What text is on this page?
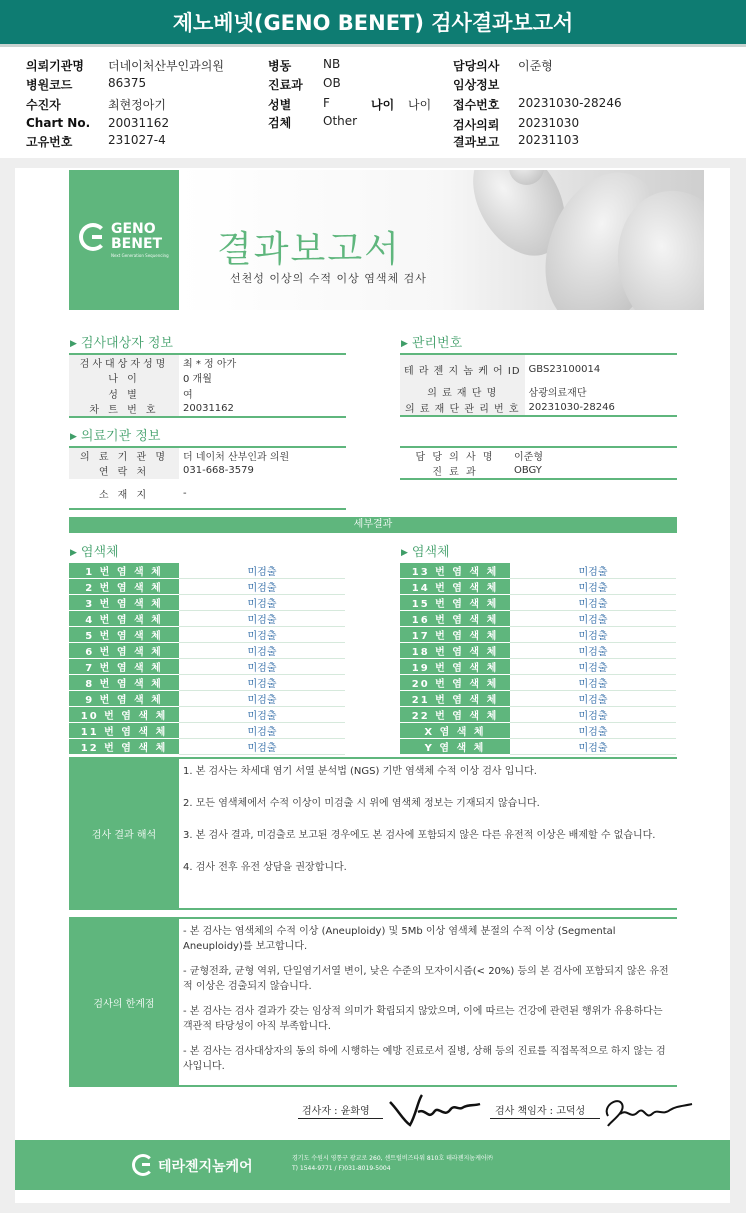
제노베넷(GENO BENET) 검사결과보고서
의뢰기관명 더네이처산부인과의원
병원코드	86375
수진자	최현정아기
Chart No. 20031162
고유번호	231027-4
병동	NB
진료과 OB
성별	F	나이 나이
검체	Other
담당의사 이준형
임상정보
접수번호 20231030-28246
검사의뢰 20231030
결과보고 20231103
GENO
BENET
Next Generation Sequencing 결과보고서
선천성 이상의 수적 이상 염색체 검사
▶ 검사대상자 정보
검사대상자성명	최 * 정 아가
나 이	0 개월
성 별	여
차 트 번 호	20031162
▶ 관리번호
테 라 젠 지 놈 케 어 ID	GBS23100014
의 료 재 단 명	삼광의료재단
의 료 재 단 관 리 번 호	20231030-28246
▶ 의료기관 정보
의 료 기 관 명	더 네이처 산부인과 의원
연 락 처	031-668-3579
소 재 지	-
담 당 의 사 명	이준형
진 료 과	OBGY
세부결과
▶ 염색체	▶ 염색체
1 번 염 색 체	미검출
2 번 염 색 체	미검출
3 번 염 색 체	미검출
4 번 염 색 체	미검출
5 번 염 색 체	미검출
6 번 염 색 체	미검출
7 번 염 색 체	미검출
8 번 염 색 체	미검출
9 번 염 색 체	미검출
10 번 염 색 체	미검출
11 번 염 색 체	미검출
12 번 염 색 체	미검출
13 번 염 색 체	미검출
14 번 염 색 체	미검출
15 번 염 색 체	미검출
16 번 염 색 체	미검출
17 번 염 색 체	미검출
18 번 염 색 체	미검출
19 번 염 색 체	미검출
20 번 염 색 체	미검출
21 번 염 색 체	미검출
22 번 염 색 체	미검출
X 염 색 체	미검출
Y 염 색 체	미검출
검사 결과 해석

1. 본 검사는 차세대 염기 서열 분석법 (NGS) 기반 염색체 수적 이상 검사 입니다.

2. 모든 염색체에서 수적 이상이 미검출 시 위에 염색체 정보는 기재되지 않습니다.

3. 본 검사 결과, 미검출로 보고된 경우에도 본 검사에 포함되지 않은 다른 유전적 이상은 배제할 수 없습니다.

4. 검사 전후 유전 상담을 권장합니다.

검사의 한계점

- 본 검사는 염색체의 수적 이상 (Aneuploidy) 및 5Mb 이상 염색체 분절의 수적 이상 (Segmental Aneuploidy)를 보고합니다.

- 균형전좌, 균형 역위, 단일염기서열 변이, 낮은 수준의 모자이시즘(< 20%) 등의 본 검사에 포함되지 않은 유전적 이상은 검출되지 않습니다.

- 본 검사는 검사 결과가 갖는 임상적 의미가 확립되지 않았으며, 이에 따르는 건강에 관련된 행위가 유용하다는 객관적 타당성이 아직 부족합니다.

- 본 검사는 검사대상자의 동의 하에 시행하는 예방 진료로서 질병, 상해 등의 진료를 직접목적으로 하지 않는 검사입니다.

검사자 : 윤화영	검사 책임자 : 고덕성
테라젠지놈케어
경기도 수원시 영통구 광교로 260, 센트럴비즈타워 810호 테라젠지놈케어㈜
T) 1544-9771 / F)031-8019-5004
